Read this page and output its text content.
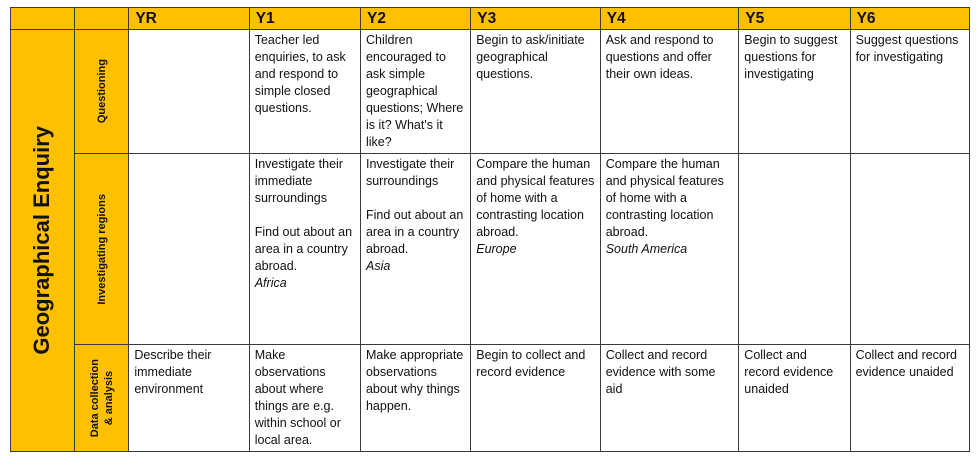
		YR	Y1	Y2	Y3	Y4	Y5	Y6

Geographical Enquiry	Questioning		Teacher led enquiries, to ask and respond to simple closed questions.	Children encouraged to ask simple geographical questions; Where is it? What's it like?	Begin to ask/initiate geographical questions.	Ask and respond to questions and offer their own ideas.	Begin to suggest questions for investigating	Suggest questions for investigating

	Investigating regions		Investigate their immediate surroundings
Find out about an area in a country abroad.
Africa	Investigate their surroundings
Find out about an area in a country abroad.
Asia	Compare the human and physical features of home with a contrasting location abroad.
Europe	Compare the human and physical features of home with a contrasting location abroad.
South America		

	Data collection & analysis	Describe their immediate environment	Make observations about where things are e.g. within school or local area.	Make appropriate observations about why things happen.	Begin to collect and record evidence	Collect and record evidence with some aid	Collect and record evidence unaided	Collect and record evidence unaided
